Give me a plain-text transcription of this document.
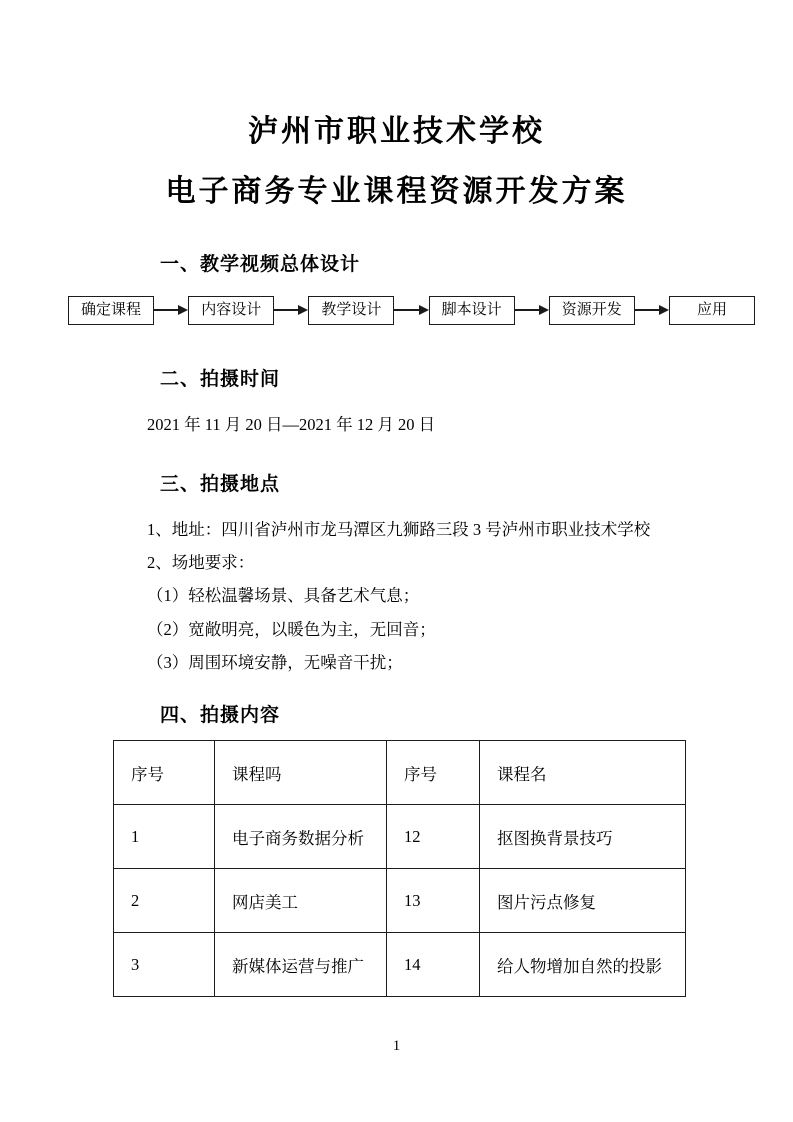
泸州市职业技术学校
电子商务专业课程资源开发方案
一、教学视频总体设计
确定课程	内容设计	教学设计	脚本设计	资源开发	应用
二、拍摄时间
2021 年 11 月 20 日—2021 年 12 月 20 日
三、拍摄地点
1、地址：四川省泸州市龙马潭区九狮路三段 3 号泸州市职业技术学校
2、场地要求：
（1）轻松温馨场景、具备艺术气息；
（2）宽敞明亮，以暖色为主，无回音；
（3）周围环境安静，无噪音干扰；
四、拍摄内容
序号	课程吗	序号	课程名
1	电子商务数据分析	12	抠图换背景技巧
2	网店美工	13	图片污点修复
3	新媒体运营与推广	14	给人物增加自然的投影
1
